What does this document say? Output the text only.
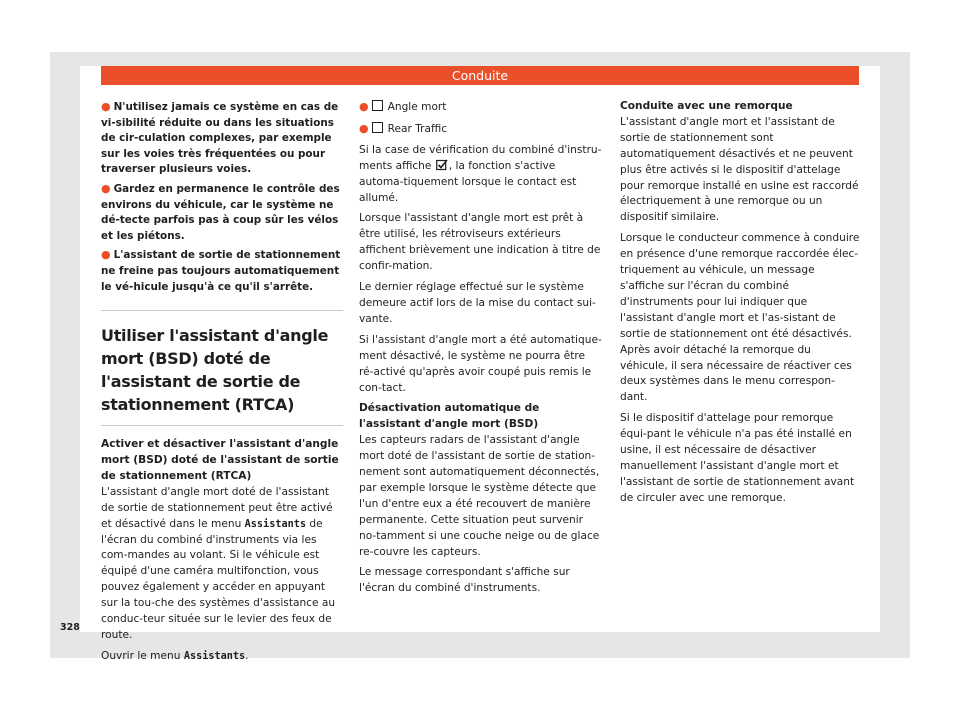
Conduite
● N'utilisez jamais ce système en cas de vi-sibilité réduite ou dans les situations de cir-culation complexes, par exemple sur les voies très fréquentées ou pour traverser plusieurs voies.
● Gardez en permanence le contrôle des environs du véhicule, car le système ne dé-tecte parfois pas à coup sûr les vélos et les piétons.
● L'assistant de sortie de stationnement ne freine pas toujours automatiquement le vé-hicule jusqu'à ce qu'il s'arrête.
Utiliser l'assistant d'angle mort (BSD) doté de l'assistant de sortie de stationnement (RTCA)

Activer et désactiver l'assistant d'angle mort (BSD) doté de l'assistant de sortie de stationnement (RTCA)

L'assistant d'angle mort doté de l'assistant de sortie de stationnement peut être activé et désactivé dans le menu Assistants de l'écran du combiné d'instruments via les com-mandes au volant. Si le véhicule est équipé d'une caméra multifonction, vous pouvez également y accéder en appuyant sur la tou-che des systèmes d'assistance au conduc-teur située sur le levier des feux de route.

Ouvrir le menu Assistants.

● Angle mort
● Rear Traffic

Si la case de vérification du combiné d'instru-ments affiche , la fonction s'active automa-tiquement lorsque le contact est allumé.

Lorsque l'assistant d'angle mort est prêt à être utilisé, les rétroviseurs extérieurs affichent brièvement une indication à titre de confir-mation.

Le dernier réglage effectué sur le système demeure actif lors de la mise du contact sui-vante.

Si l'assistant d'angle mort a été automatique-ment désactivé, le système ne pourra être ré-activé qu'après avoir coupé puis remis le con-tact.

Désactivation automatique de l'assistant d'angle mort (BSD)

Les capteurs radars de l'assistant d'angle mort doté de l'assistant de sortie de station-nement sont automatiquement déconnectés, par exemple lorsque le système détecte que l'un d'entre eux a été recouvert de manière permanente. Cette situation peut survenir no-tamment si une couche neige ou de glace re-couvre les capteurs.

Le message correspondant s'affiche sur l'écran du combiné d'instruments.

Conduite avec une remorque

L'assistant d'angle mort et l'assistant de sortie de stationnement sont automatiquement désactivés et ne peuvent plus être activés si le dispositif d'attelage pour remorque installé en usine est raccordé électriquement à une remorque ou un dispositif similaire.

Lorsque le conducteur commence à conduire en présence d'une remorque raccordée élec-triquement au véhicule, un message s'affiche sur l'écran du combiné d'instruments pour lui indiquer que l'assistant d'angle mort et l'as-sistant de sortie de stationnement ont été désactivés. Après avoir détaché la remorque du véhicule, il sera nécessaire de réactiver ces deux systèmes dans le menu correspon-dant.

Si le dispositif d'attelage pour remorque équi-pant le véhicule n'a pas été installé en usine, il est nécessaire de désactiver manuellement l'assistant d'angle mort et l'assistant de sortie de stationnement avant de circuler avec une remorque.

328
